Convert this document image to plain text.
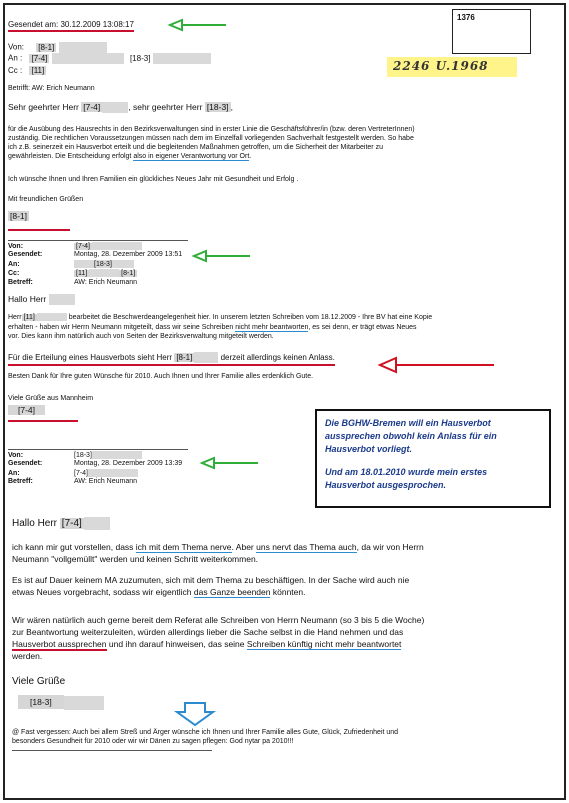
1376
2246 U.1968
Gesendet am: 30.12.2009 13:08:17
Von: [8-1]
An : [7-4]	[18-3]
Cc : [11]
Betrifft: AW: Erich Neumann
Sehr geehrter Herr [7-4]	, sehr geehrter Herr [18-3] ,
für die Ausübung des Hausrechts in den Bezirksverwaltungen sind in erster Linie die Geschäftsführer/in (bzw. deren VertreterInnen)
zuständig. Die rechtlichen Voraussetzungen müssen nach dem im Einzelfall vorliegenden Sachverhalt festgestellt werden. So habe
ich z.B. seinerzeit ein Hausverbot erteilt und die begleitenden Maßnahmen getroffen, um die Sicherheit der Mitarbeiter zu
gewährleisten. Die Entscheidung erfolgt also in eigener Verantwortung vor Ort.
Ich wünsche Ihnen und Ihren Familien ein glückliches Neues Jahr mit Gesundheit und Erfolg .
Mit freundlichen Grüßen
[8-1]
Von:	[7-4]
Gesendet:	Montag, 28. Dezember 2009 13:51
An:	[18-3]
Cc:	[11]	[8-1]
Betreff:	AW: Erich Neumann
Hallo Herr
Herr [11]	bearbeitet die Beschwerdeangelegenheit hier. In unserem letzten Schreiben vom 18.12.2009 - Ihre BV hat eine Kopie
erhalten - haben wir Herrn Neumann mitgeteilt, dass wir seine Schreiben nicht mehr beantworten, es sei denn, er trägt etwas Neues
vor. Dies kann ihm natürlich auch von Seiten der Bezirksverwaltung mitgeteilt werden.
Für die Erteilung eines Hausverbots sieht Herr [8-1]	derzeit allerdings keinen Anlass.
Besten Dank für Ihre guten Wünsche für 2010. Auch Ihnen und Ihrer Familie alles erdenklich Gute.
Viele Grüße aus Mannheim
[7-4]
Die BGHW-Bremen will ein Hausverbot
aussprechen obwohl kein Anlass für ein
Hausverbot vorliegt.
Und am 18.01.2010 wurde mein erstes
Hausverbot ausgesprochen.
Von:	[18-3]
Gesendet:	Montag, 28. Dezember 2009 13:39
An:	[7-4]
Betreff:	AW: Erich Neumann
Hallo Herr [7-4]
ich kann mir gut vorstellen, dass ich mit dem Thema nerve. Aber uns nervt das Thema auch, da wir von Herrn
Neumann "vollgemüllt" werden und keinen Schritt weiterkommen.
Es ist auf Dauer keinem MA zuzumuten, sich mit dem Thema zu beschäftigen. In der Sache wird auch nie
etwas Neues vorgebracht, sodass wir eigentlich das Ganze beenden könnten.
Wir wären natürlich auch gerne bereit dem Referat alle Schreiben von Herrn Neumann (so 3 bis 5 die Woche)
zur Beantwortung weiterzuleiten, würden allerdings lieber die Sache selbst in die Hand nehmen und das
Hausverbot aussprechen und ihn darauf hinweisen, das seine Schreiben künftig nicht mehr beantwortet
werden.
Viele Grüße
[18-3]
@ Fast vergessen: Auch bei allem Streß und Ärger wünsche ich Ihnen und Ihrer Familie alles Gute, Glück, Zufriedenheit und
besonders Gesundheit für 2010 oder wir wir Dänen zu sagen pflegen: God nytar pa 2010!!!
